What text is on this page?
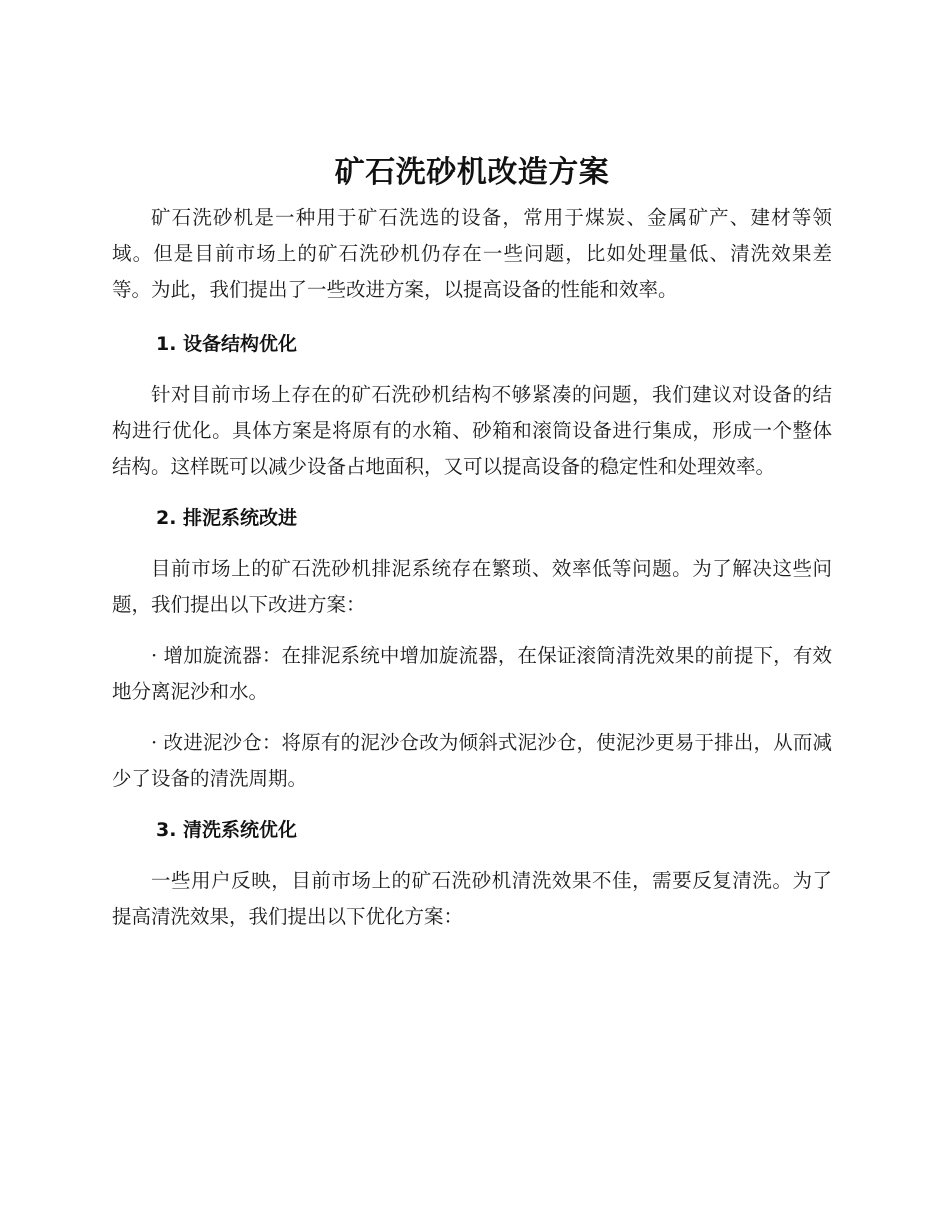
矿石洗砂机改造方案

矿石洗砂机是一种用于矿石洗选的设备，常用于煤炭、金属矿产、建材等领域。但是目前市场上的矿石洗砂机仍存在一些问题，比如处理量低、清洗效果差等。为此，我们提出了一些改进方案，以提高设备的性能和效率。

1. 设备结构优化

针对目前市场上存在的矿石洗砂机结构不够紧凑的问题，我们建议对设备的结构进行优化。具体方案是将原有的水箱、砂箱和滚筒设备进行集成，形成一个整体结构。这样既可以减少设备占地面积，又可以提高设备的稳定性和处理效率。

2. 排泥系统改进

目前市场上的矿石洗砂机排泥系统存在繁琐、效率低等问题。为了解决这些问题，我们提出以下改进方案：

· 增加旋流器：在排泥系统中增加旋流器，在保证滚筒清洗效果的前提下，有效地分离泥沙和水。

· 改进泥沙仓：将原有的泥沙仓改为倾斜式泥沙仓，使泥沙更易于排出，从而减少了设备的清洗周期。

3. 清洗系统优化

一些用户反映，目前市场上的矿石洗砂机清洗效果不佳，需要反复清洗。为了提高清洗效果，我们提出以下优化方案：
